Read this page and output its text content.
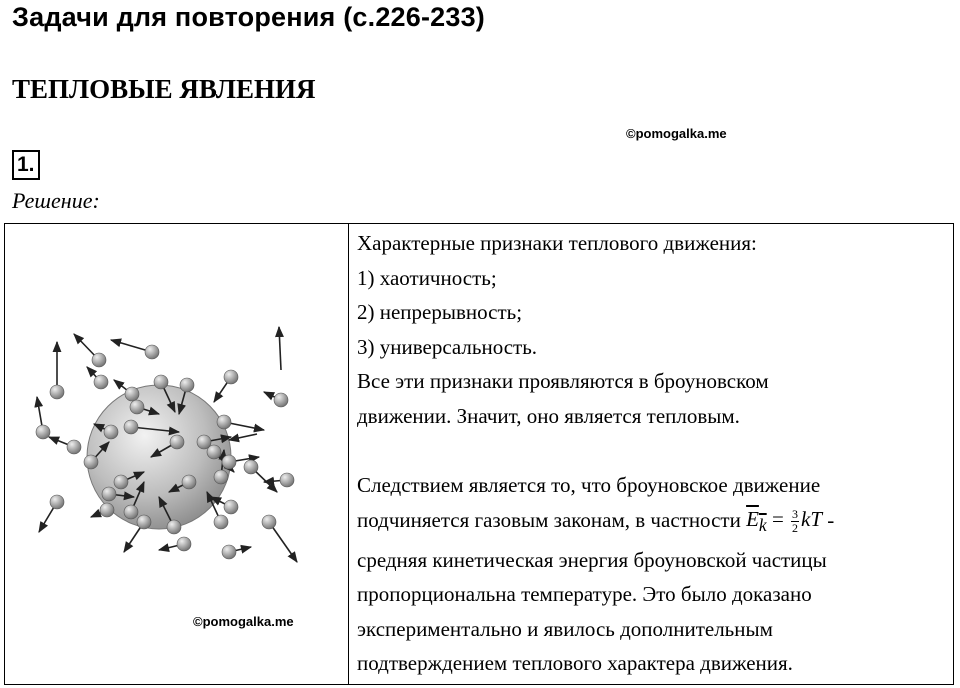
Задачи для повторения (с.226-233)
ТЕПЛОВЫЕ ЯВЛЕНИЯ
©pomogalka.me
1.
Решение:
©pomogalka.me

Характерные признаки теплового движения:

1) хаотичность;

2) непрерывность;

3) универсальность.

Все эти признаки проявляются в броуновском

движении. Значит, оно является тепловым.

Следствием является то, что броуновское движение

подчиняется газовым законам, в частности $E_k = \frac{3}{2}$ kT -

средняя кинетическая энергия броуновской частицы

пропорциональна температуре. Это было доказано

экспериментально и явилось дополнительным

подтверждением теплового характера движения.
